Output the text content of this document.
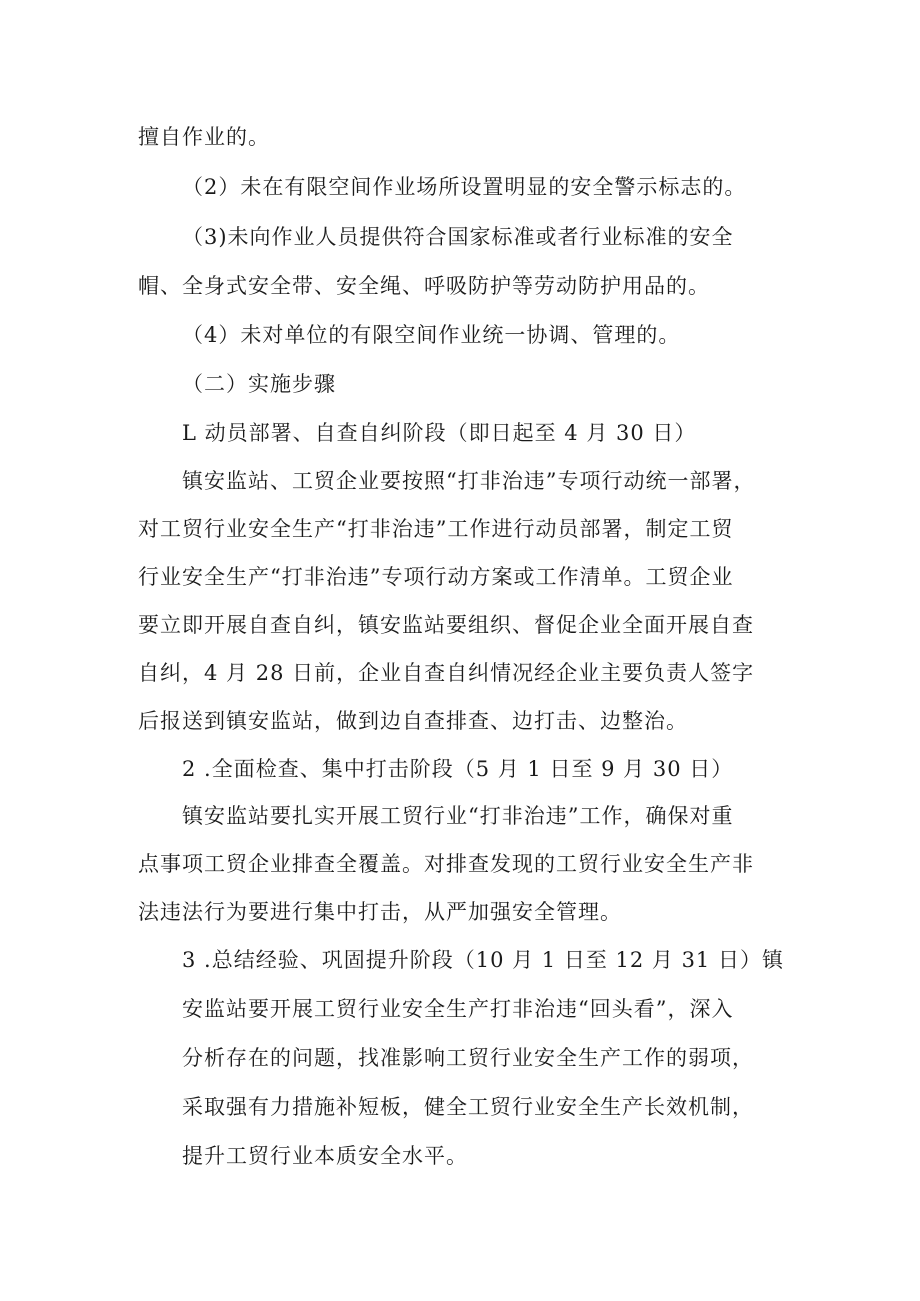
擅自作业的。
（2）未在有限空间作业场所设置明显的安全警示标志的。
（3)未向作业人员提供符合国家标准或者行业标准的安全
帽、全身式安全带、安全绳、呼吸防护等劳动防护用品的。
（4）未对单位的有限空间作业统一协调、管理的。
（二）实施步骤
L 动员部署、自查自纠阶段（即日起至 4 月 30 日）
镇安监站、工贸企业要按照“打非治违”专项行动统一部署，
对工贸行业安全生产“打非治违”工作进行动员部署，制定工贸
行业安全生产“打非治违”专项行动方案或工作清单。工贸企业
要立即开展自查自纠，镇安监站要组织、督促企业全面开展自查
自纠，4 月 28 日前，企业自查自纠情况经企业主要负责人签字
后报送到镇安监站，做到边自查排查、边打击、边整治。
2 .全面检查、集中打击阶段（5 月 1 日至 9 月 30 日）
镇安监站要扎实开展工贸行业“打非治违”工作，确保对重
点事项工贸企业排查全覆盖。对排查发现的工贸行业安全生产非
法违法行为要进行集中打击，从严加强安全管理。
3 .总结经验、巩固提升阶段（10 月 1 日至 12 月 31 日）镇
安监站要开展工贸行业安全生产打非治违“回头看”，深入
分析存在的问题，找准影响工贸行业安全生产工作的弱项，
采取强有力措施补短板，健全工贸行业安全生产长效机制，
提升工贸行业本质安全水平。
